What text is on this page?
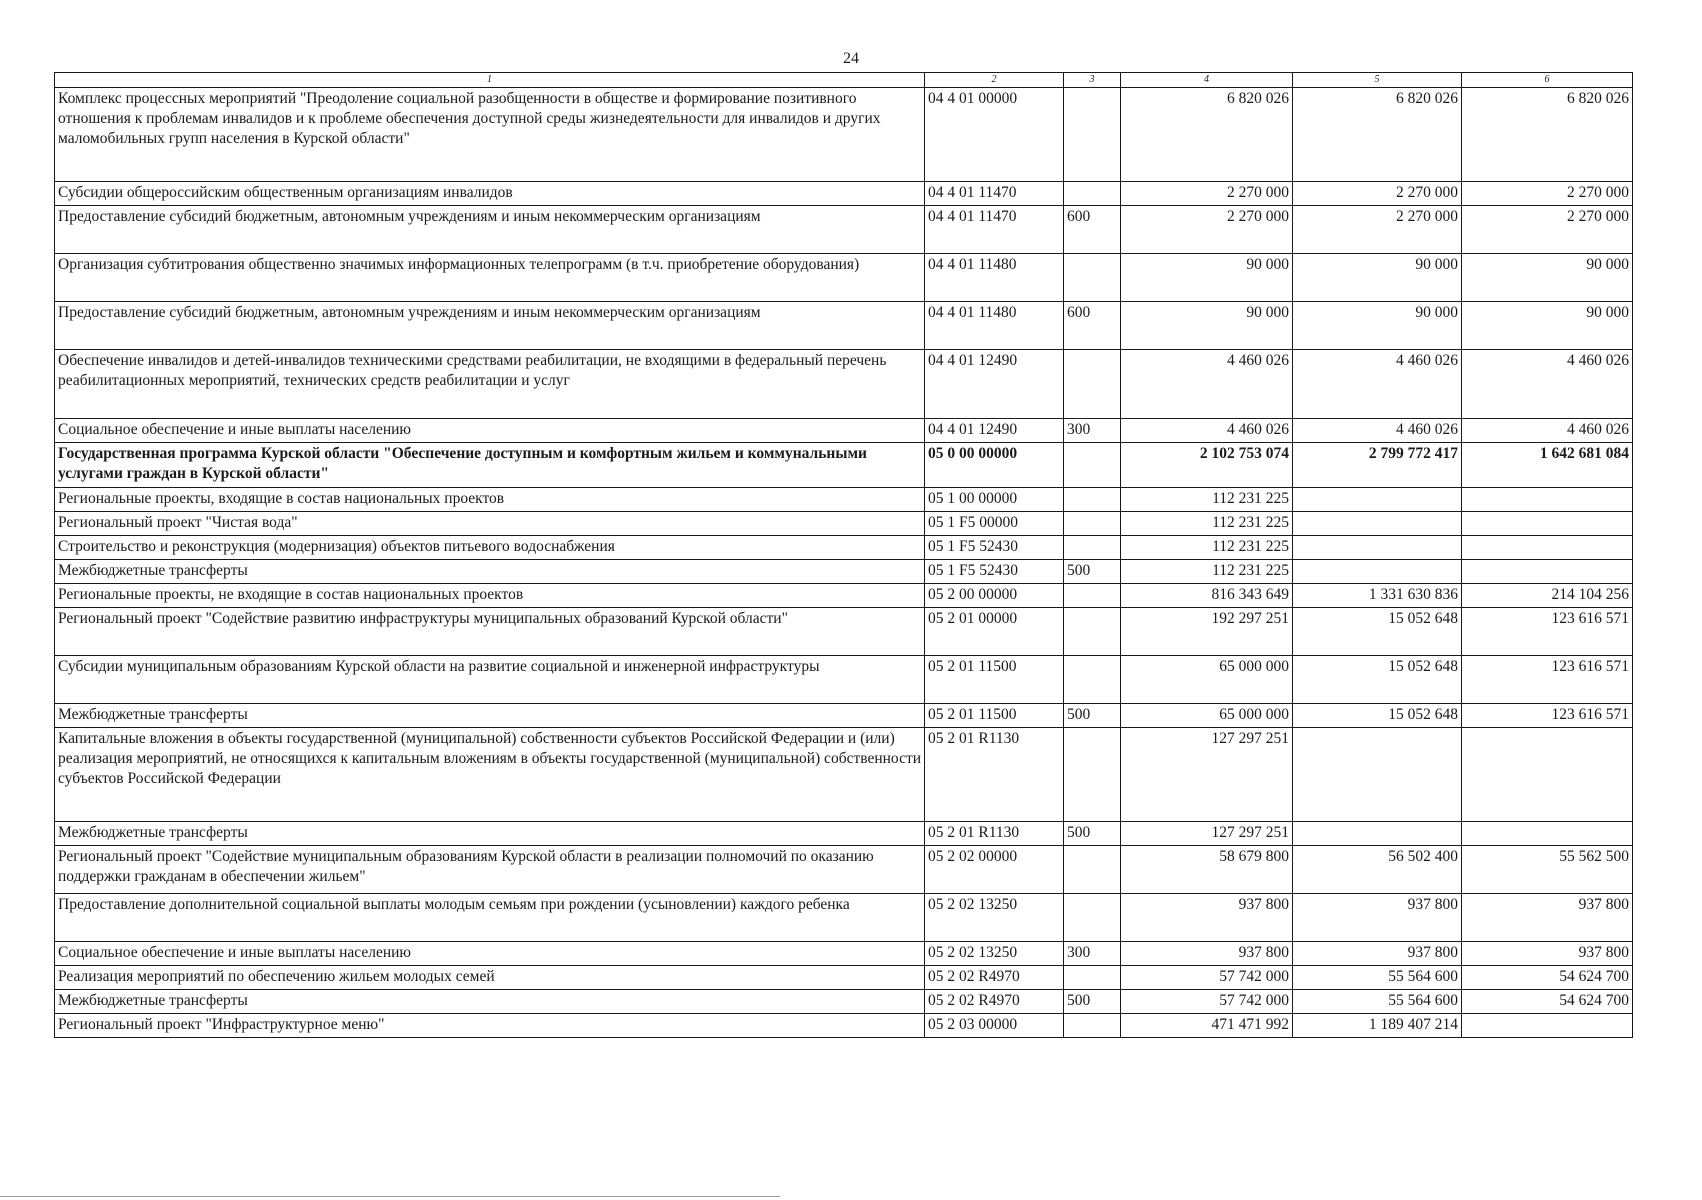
24
1	2	3	4	5	6
Комплекс процессных мероприятий "Преодоление социальной разобщенности в обществе и формирование позитивного отношения к проблемам инвалидов и к проблеме обеспечения доступной среды жизнедеятельности для инвалидов и других маломобильных групп населения в Курской области"	04 4 01 00000		6 820 026	6 820 026	6 820 026
Субсидии общероссийским общественным организациям инвалидов	04 4 01 11470		2 270 000	2 270 000	2 270 000
Предоставление субсидий бюджетным, автономным учреждениям и иным некоммерческим организациям	04 4 01 11470	600	2 270 000	2 270 000	2 270 000
Организация субтитрования общественно значимых информационных телепрограмм (в т.ч. приобретение оборудования)	04 4 01 11480		90 000	90 000	90 000
Предоставление субсидий бюджетным, автономным учреждениям и иным некоммерческим организациям	04 4 01 11480	600	90 000	90 000	90 000
Обеспечение инвалидов и детей-инвалидов техническими средствами реабилитации, не входящими в федеральный перечень реабилитационных мероприятий, технических средств реабилитации и услуг	04 4 01 12490		4 460 026	4 460 026	4 460 026
Социальное обеспечение и иные выплаты населению	04 4 01 12490	300	4 460 026	4 460 026	4 460 026
Государственная программа Курской области "Обеспечение доступным и комфортным жильем и коммунальными услугами граждан в Курской области"	05 0 00 00000		2 102 753 074	2 799 772 417	1 642 681 084
Региональные проекты, входящие в состав национальных проектов	05 1 00 00000		112 231 225		
Региональный проект "Чистая вода"	05 1 F5 00000		112 231 225		
Строительство и реконструкция (модернизация) объектов питьевого водоснабжения	05 1 F5 52430		112 231 225		
Межбюджетные трансферты	05 1 F5 52430	500	112 231 225		
Региональные проекты, не входящие в состав национальных проектов	05 2 00 00000		816 343 649	1 331 630 836	214 104 256
Региональный проект "Содействие развитию инфраструктуры муниципальных образований Курской области"	05 2 01 00000		192 297 251	15 052 648	123 616 571
Субсидии муниципальным образованиям Курской области на развитие социальной и инженерной инфраструктуры	05 2 01 11500		65 000 000	15 052 648	123 616 571
Межбюджетные трансферты	05 2 01 11500	500	65 000 000	15 052 648	123 616 571
Капитальные вложения в объекты государственной (муниципальной) собственности субъектов Российской Федерации и (или) реализация мероприятий, не относящихся к капитальным вложениям в объекты государственной (муниципальной) собственности субъектов Российской Федерации	05 2 01 R1130		127 297 251		
Межбюджетные трансферты	05 2 01 R1130	500	127 297 251		
Региональный проект "Содействие муниципальным образованиям Курской области в реализации полномочий по оказанию поддержки гражданам в обеспечении жильем"	05 2 02 00000		58 679 800	56 502 400	55 562 500
Предоставление дополнительной социальной выплаты молодым семьям при рождении (усыновлении) каждого ребенка	05 2 02 13250		937 800	937 800	937 800
Социальное обеспечение и иные выплаты населению	05 2 02 13250	300	937 800	937 800	937 800
Реализация мероприятий по обеспечению жильем молодых семей	05 2 02 R4970		57 742 000	55 564 600	54 624 700
Межбюджетные трансферты	05 2 02 R4970	500	57 742 000	55 564 600	54 624 700
Региональный проект "Инфраструктурное меню"	05 2 03 00000		471 471 992	1 189 407 214	
